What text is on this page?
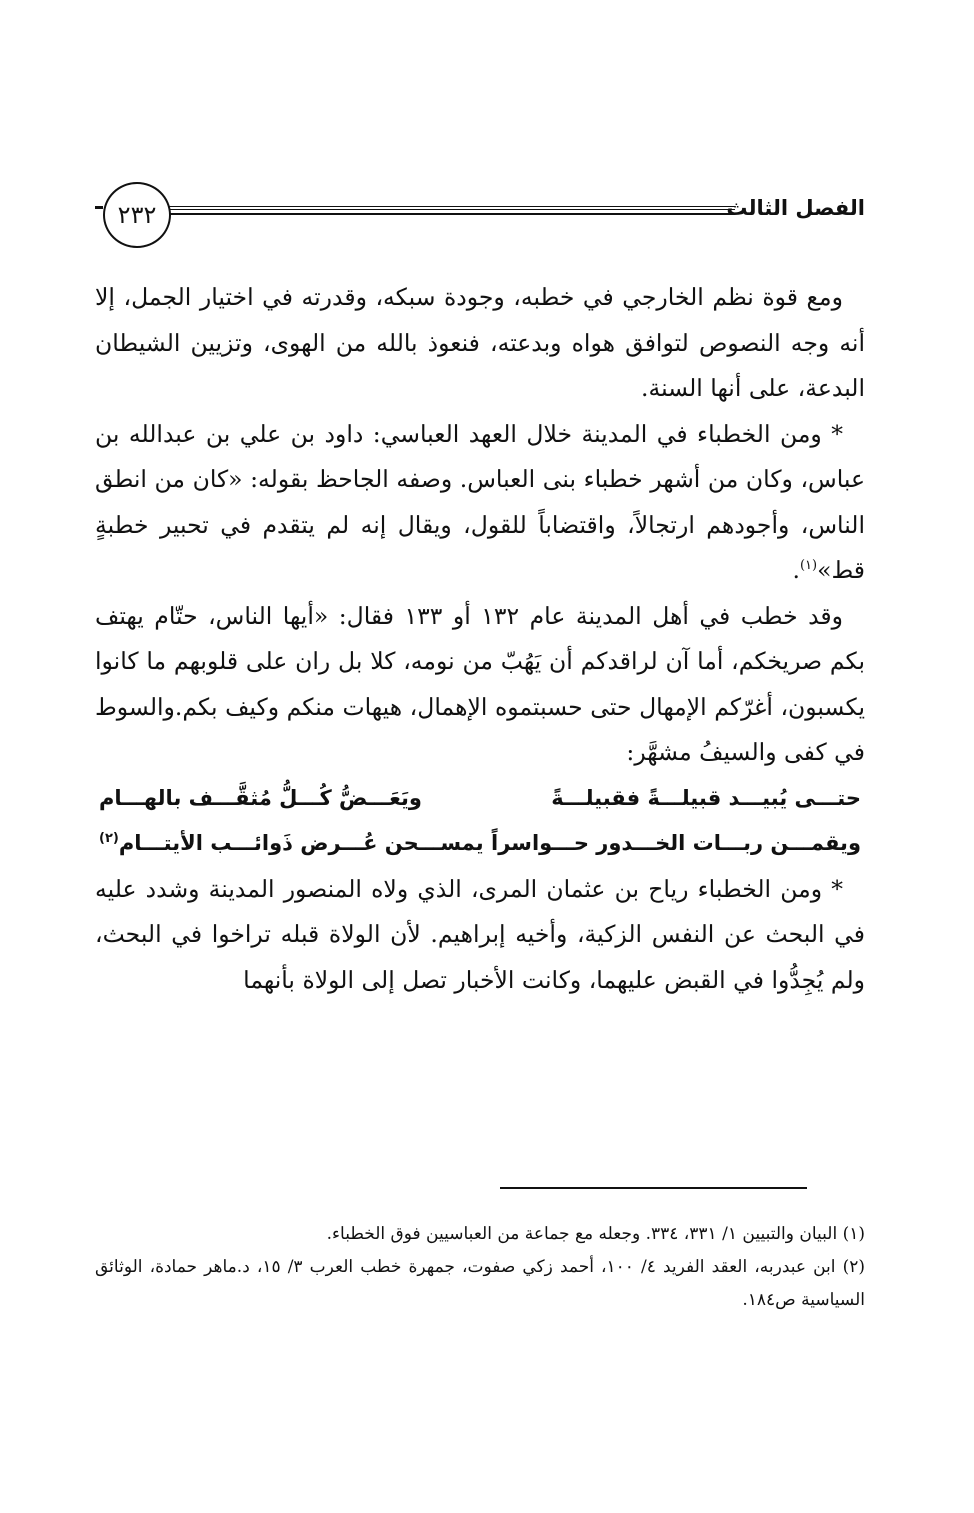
الفصل الثالث
٢٣٢

ومع قوة نظم الخارجي في خطبه، وجودة سبكه، وقدرته في اختيار الجمل، إلا أنه وجه النصوص لتوافق هواه وبدعته، فنعوذ بالله من الهوى، وتزيين الشيطان البدعة، على أنها السنة.

* ومن الخطباء في المدينة خلال العهد العباسي: داود بن علي بن عبدالله بن عباس، وكان من أشهر خطباء بنى العباس. وصفه الجاحظ بقوله: «كان من انطق الناس، وأجودهم ارتجالاً، واقتضاباً للقول، ويقال إنه لم يتقدم في تحبير خطبةٍ قط»$^{(١)}$.

وقد خطب في أهل المدينة عام ١٣٢ أو ١٣٣ فقال: «أيها الناس، حتّام يهتف بكم صريخكم، أما آن لراقدكم أن يَهُبّ من نومه، كلا بل ران على قلوبهم ما كانوا يكسبون، أغرّكم الإمهال حتى حسبتموه الإهمال، هيهات منكم وكيف بكم.والسوط في كفى والسيفُ مشهَّر:

حتـــى يُبيـــد قبيلـــةً فقبيلـــةً
ويَعَـــضُّ كُـــلُّ مُثقَّـــف بالهـــام
ويقمـــن ربـــات الخـــدور حـــواسراً
يمســـحن عُـــرض ذَوائـــب الأيتـــام$^{(٢)}$

* ومن الخطباء رياح بن عثمان المرى، الذي ولاه المنصور المدينة وشدد عليه في البحث عن النفس الزكية، وأخيه إبراهيم. لأن الولاة قبله تراخوا في البحث، ولم يُجِدُّوا في القبض عليهما، وكانت الأخبار تصل إلى الولاة بأنهما

(١) البيان والتبيين ١/ ٣٣١، ٣٣٤. وجعله مع جماعة من العباسيين فوق الخطباء.

(٢) ابن عبدربه، العقد الفريد ٤/ ١٠٠، أحمد زكي صفوت، جمهرة خطب العرب ٣/ ١٥، د.ماهر حمادة، الوثائق السياسية ص١٨٤.
